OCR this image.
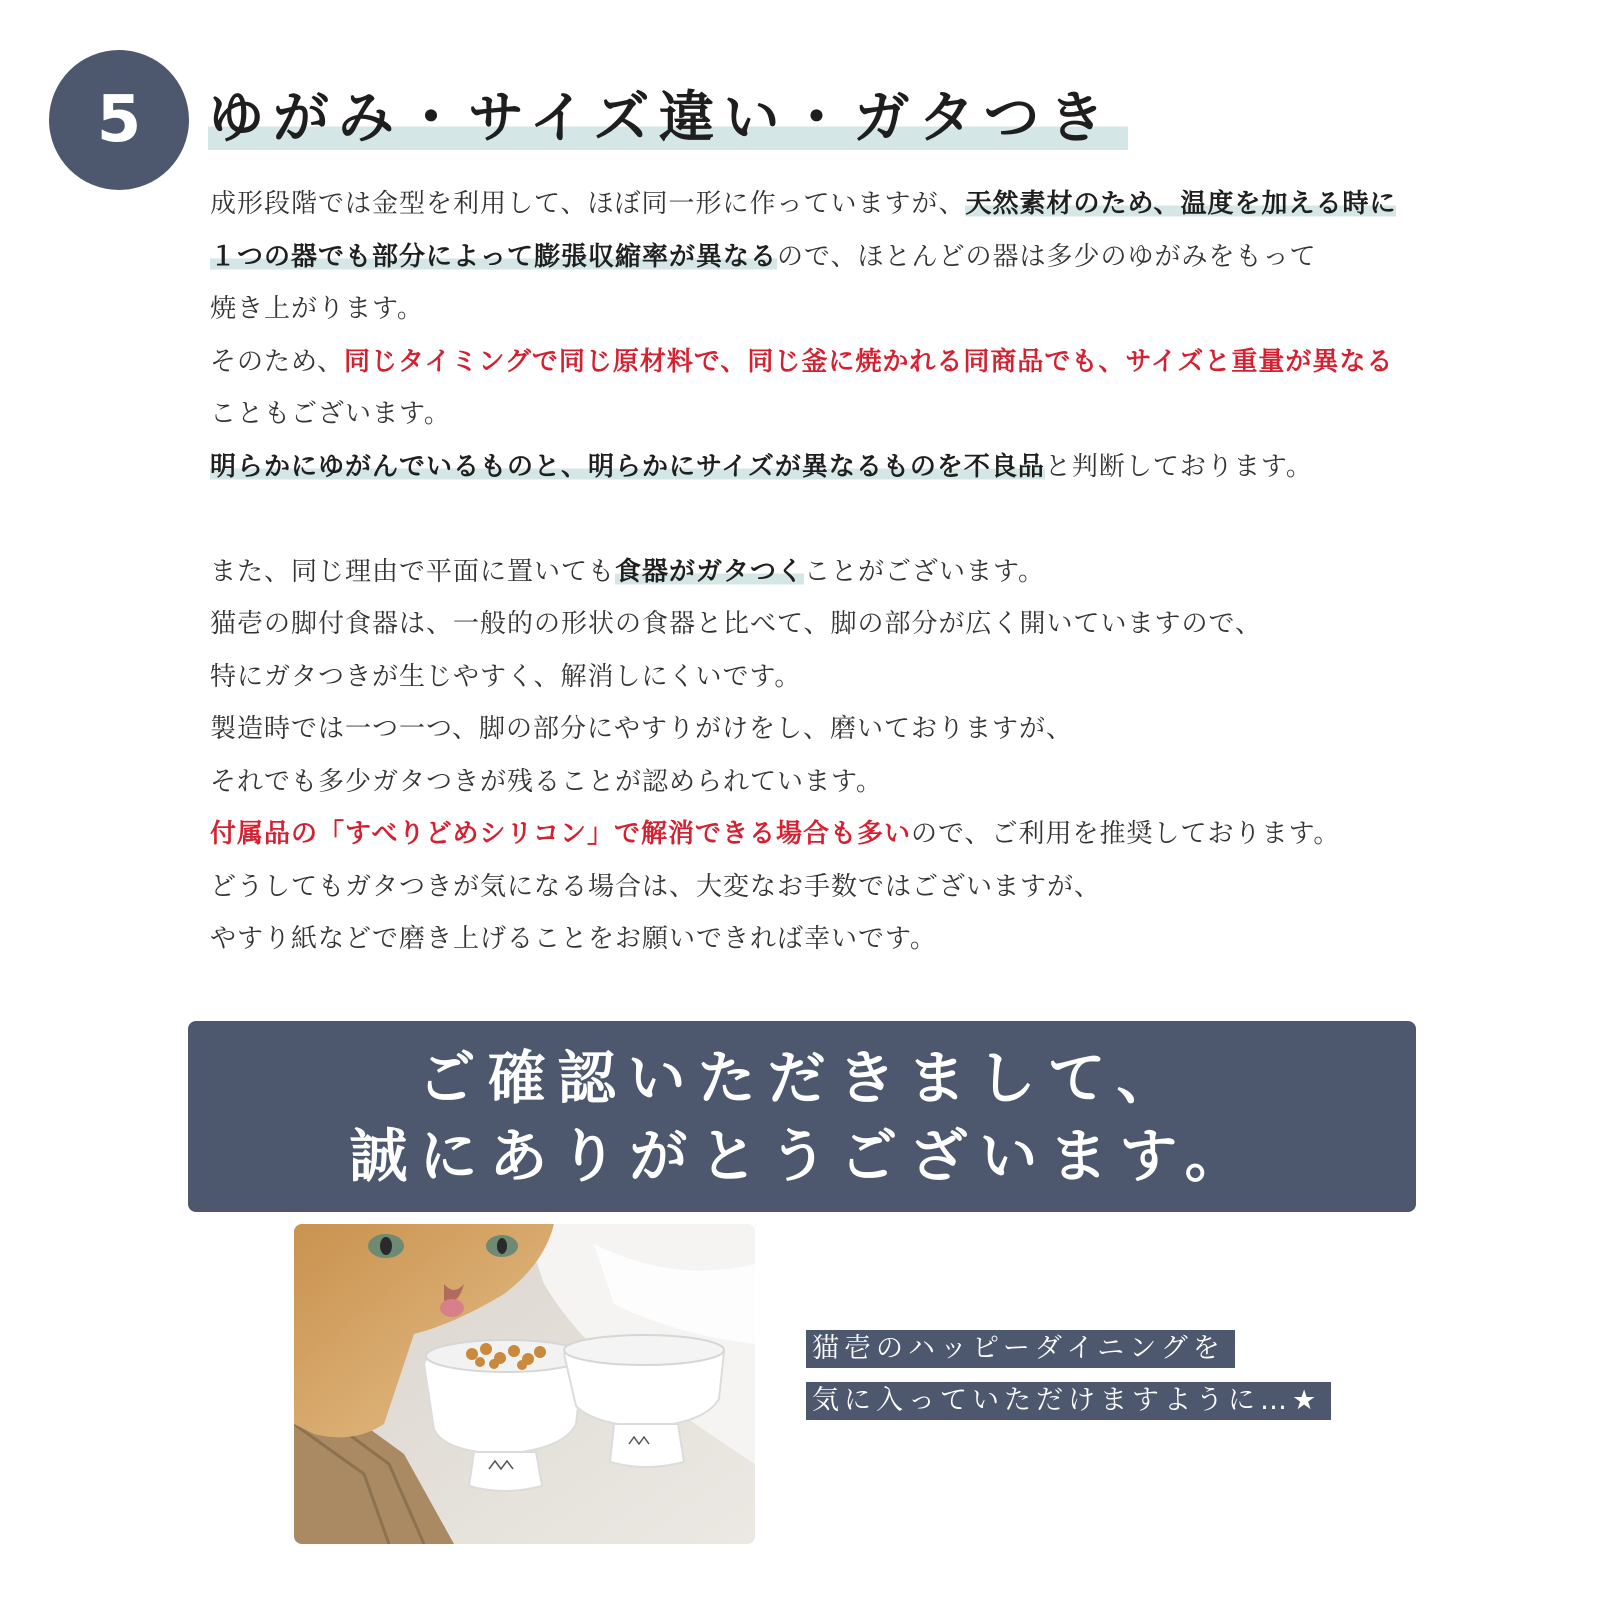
5 ゆがみ・サイズ違い・ガタつき
成形段階では金型を利用して、ほぼ同一形に作っていますが、天然素材のため、温度を加える時に
１つの器でも部分によって膨張収縮率が異なるので、ほとんどの器は多少のゆがみをもって
焼き上がります。
そのため、同じタイミングで同じ原材料で、同じ釜に焼かれる同商品でも、サイズと重量が異なる
こともございます。
明らかにゆがんでいるものと、明らかにサイズが異なるものを不良品と判断しております。
また、同じ理由で平面に置いても食器がガタつくことがございます。
猫壱の脚付食器は、一般的の形状の食器と比べて、脚の部分が広く開いていますので、
特にガタつきが生じやすく、解消しにくいです。
製造時では一つ一つ、脚の部分にやすりがけをし、磨いておりますが、
それでも多少ガタつきが残ることが認められています。
付属品の「すべりどめシリコン」で解消できる場合も多いので、ご利用を推奨しております。
どうしてもガタつきが気になる場合は、大変なお手数ではございますが、
やすり紙などで磨き上げることをお願いできれば幸いです。
ご確認いただきまして、
誠にありがとうございます。
猫壱のハッピーダイニングを
気に入っていただけますように…★
